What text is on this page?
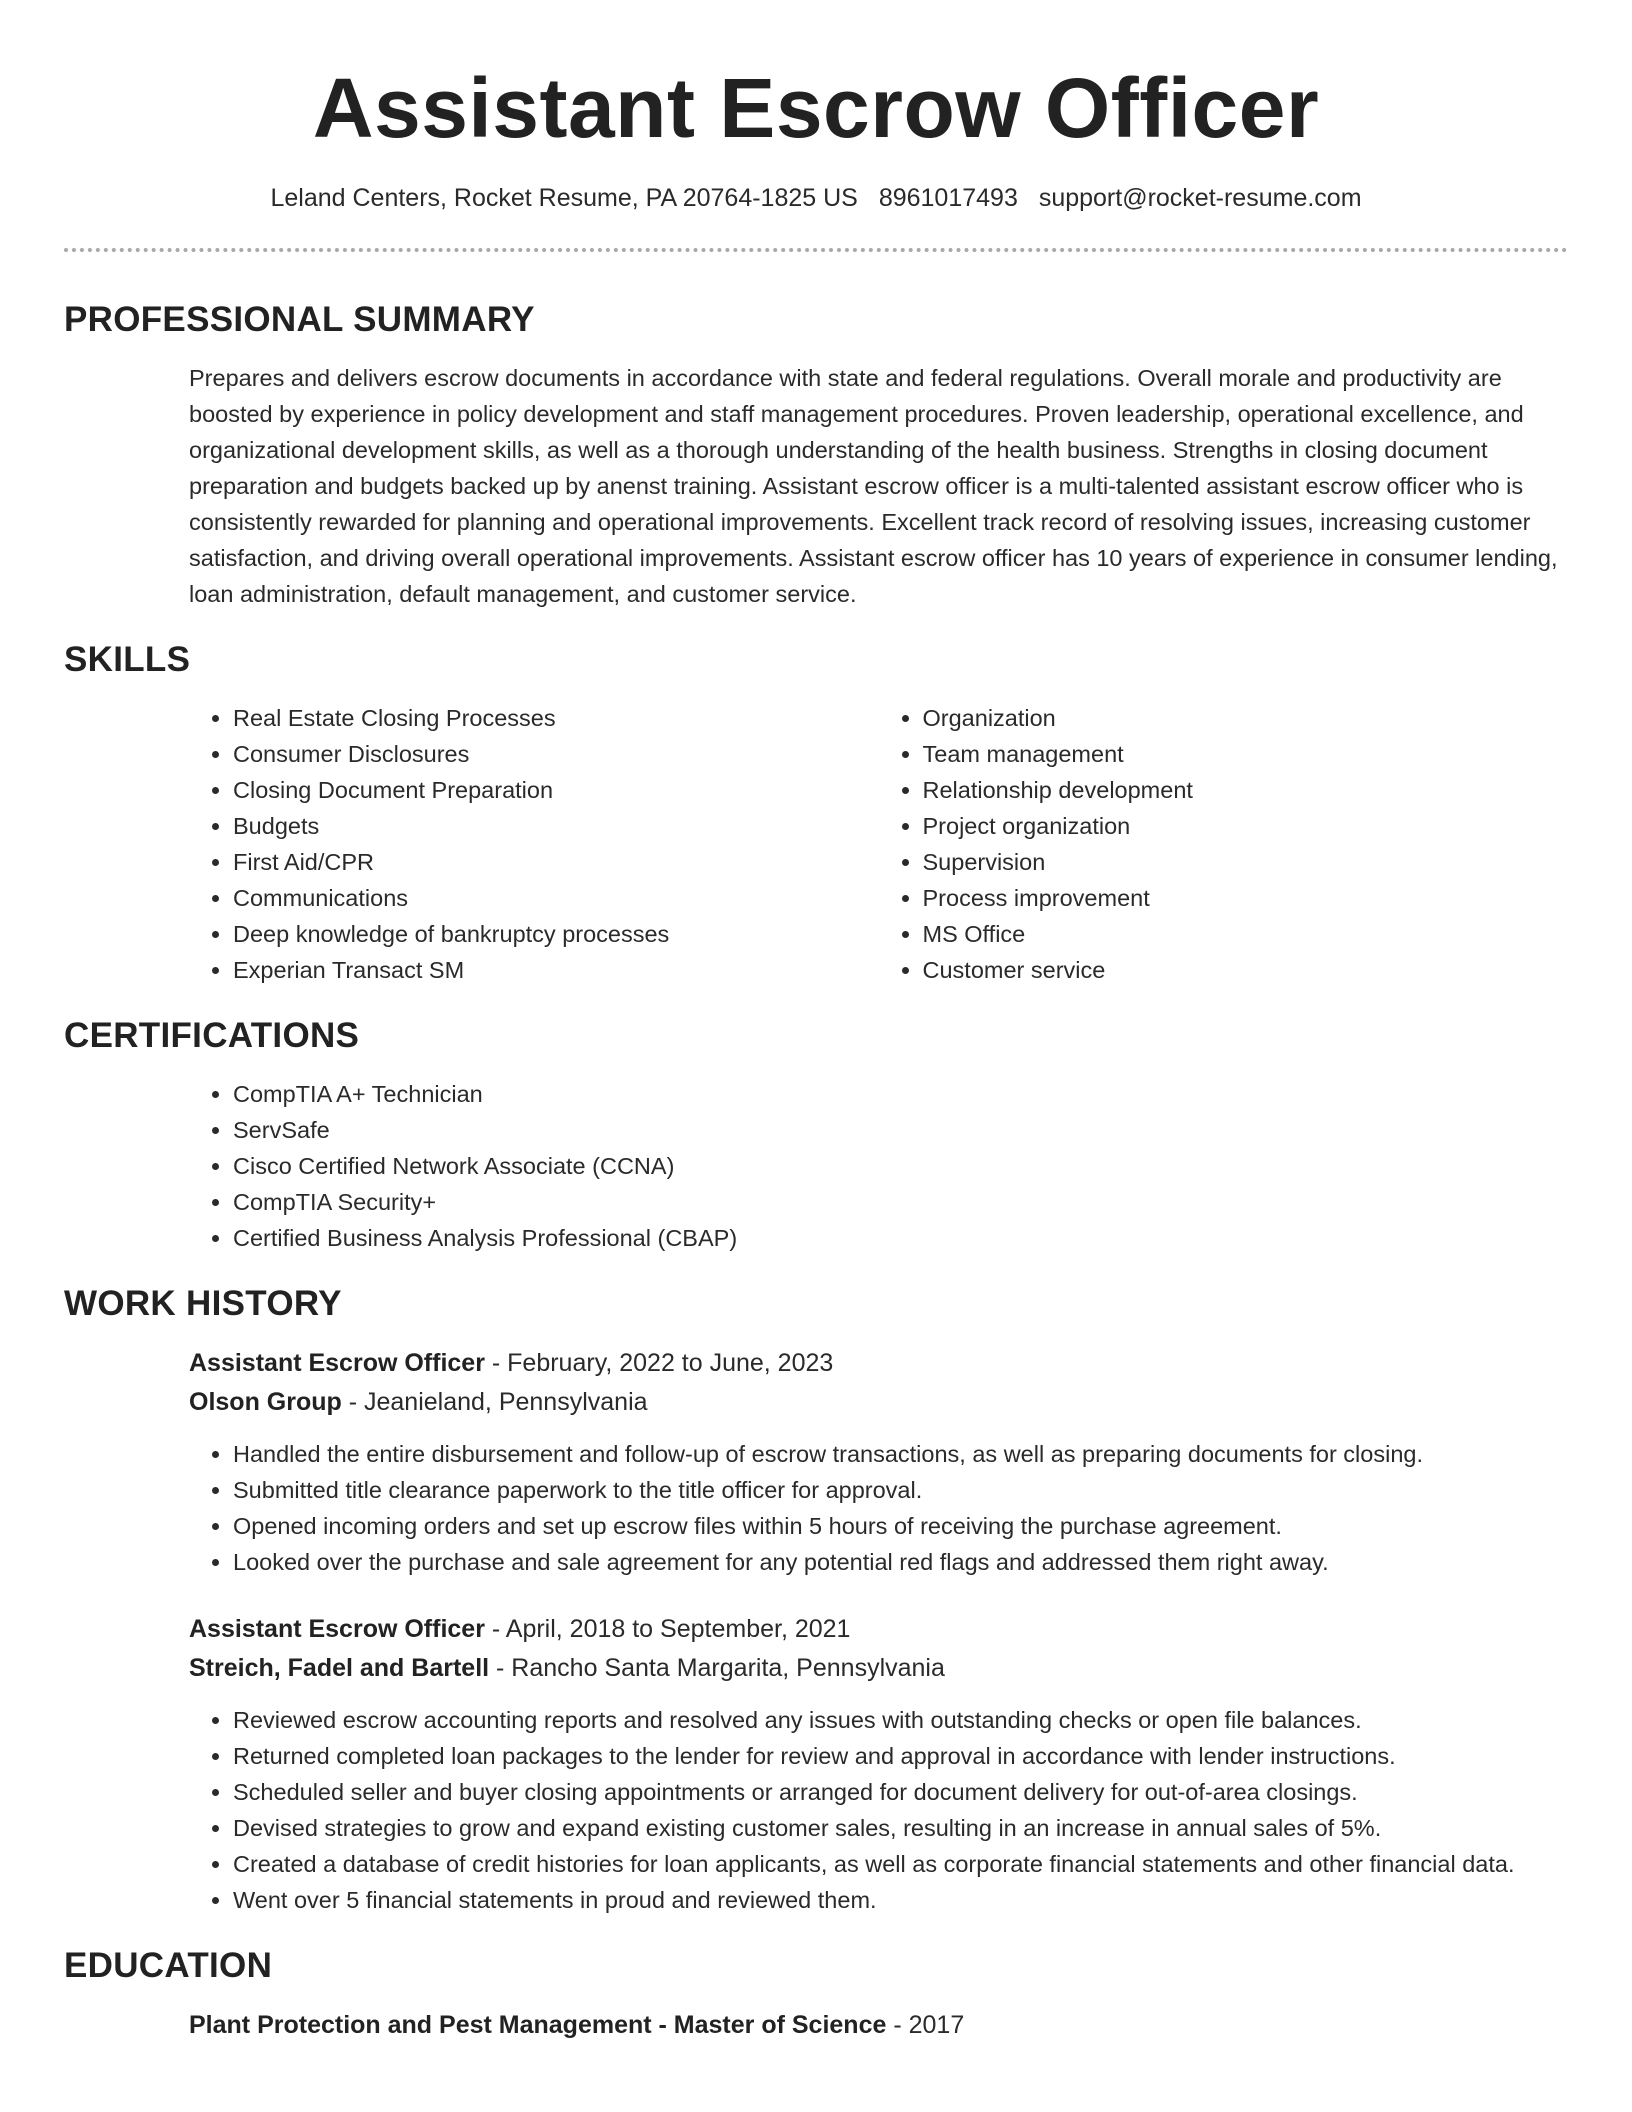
Assistant Escrow Officer
Leland Centers, Rocket Resume, PA 20764-1825 US 8961017493 support@rocket-resume.com
PROFESSIONAL SUMMARY
Prepares and delivers escrow documents in accordance with state and federal regulations. Overall morale and productivity are boosted by experience in policy development and staff management procedures. Proven leadership, operational excellence, and organizational development skills, as well as a thorough understanding of the health business. Strengths in closing document preparation and budgets backed up by anenst training. Assistant escrow officer is a multi-talented assistant escrow officer who is consistently rewarded for planning and operational improvements. Excellent track record of resolving issues, increasing customer satisfaction, and driving overall operational improvements. Assistant escrow officer has 10 years of experience in consumer lending, loan administration, default management, and customer service.
SKILLS
• Real Estate Closing Processes
• Consumer Disclosures
• Closing Document Preparation
• Budgets
• First Aid/CPR
• Communications
• Deep knowledge of bankruptcy processes
• Experian Transact SM
• Organization
• Team management
• Relationship development
• Project organization
• Supervision
• Process improvement
• MS Office
• Customer service
CERTIFICATIONS
• CompTIA A+ Technician
• ServSafe
• Cisco Certified Network Associate (CCNA)
• CompTIA Security+
• Certified Business Analysis Professional (CBAP)
WORK HISTORY
Assistant Escrow Officer - February, 2022 to June, 2023
Olson Group - Jeanieland, Pennsylvania
• Handled the entire disbursement and follow-up of escrow transactions, as well as preparing documents for closing.
• Submitted title clearance paperwork to the title officer for approval.
• Opened incoming orders and set up escrow files within 5 hours of receiving the purchase agreement.
• Looked over the purchase and sale agreement for any potential red flags and addressed them right away.
Assistant Escrow Officer - April, 2018 to September, 2021
Streich, Fadel and Bartell - Rancho Santa Margarita, Pennsylvania
• Reviewed escrow accounting reports and resolved any issues with outstanding checks or open file balances.
• Returned completed loan packages to the lender for review and approval in accordance with lender instructions.
• Scheduled seller and buyer closing appointments or arranged for document delivery for out-of-area closings.
• Devised strategies to grow and expand existing customer sales, resulting in an increase in annual sales of 5%.
• Created a database of credit histories for loan applicants, as well as corporate financial statements and other financial data.
• Went over 5 financial statements in proud and reviewed them.
EDUCATION
Plant Protection and Pest Management - Master of Science - 2017
